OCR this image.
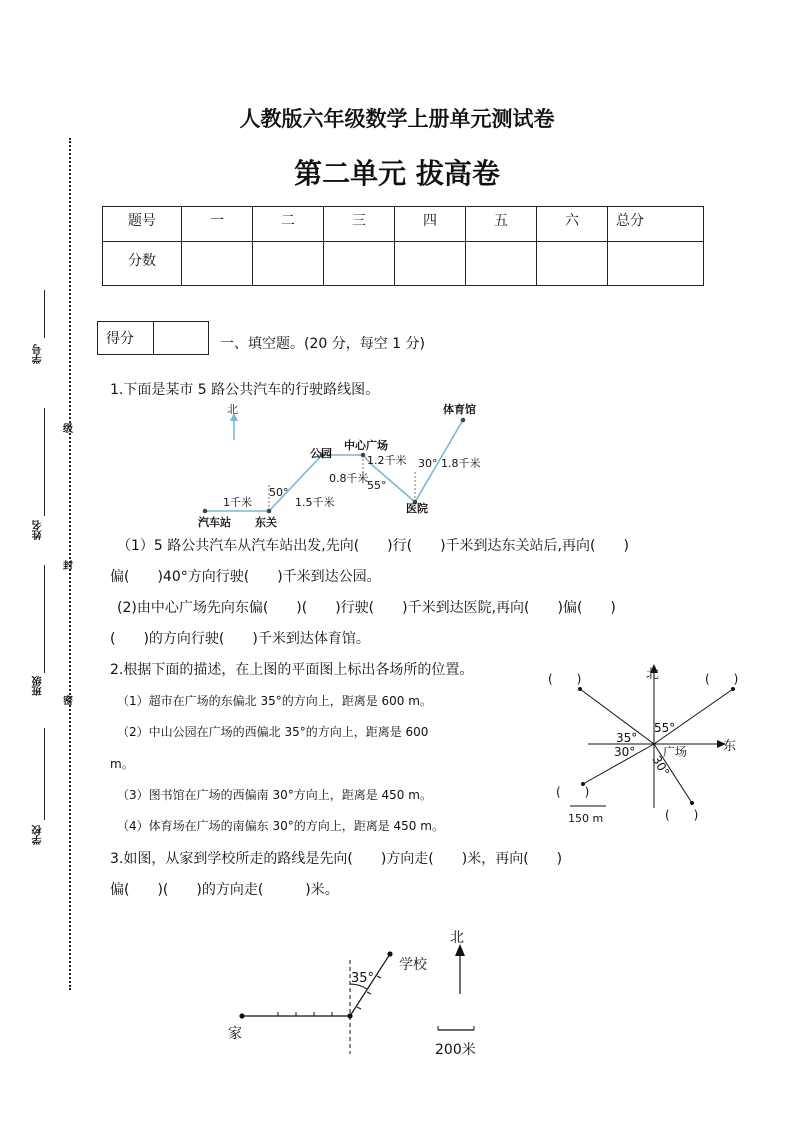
学号
姓名
班级
学校
级
封
密
人教版六年级数学上册单元测试卷
第二单元 拔高卷
题号	一	二	三	四	五	六	总分
分数							
得分		一、填空题。(20 分，每空 1 分)
1.下面是某市 5 路公共汽车的行驶路线图。
北
汽车站 东关
公园
中心广场
医院
体育馆
1千米	1.5千米
0.8千米
1.2千米	1.8千米
50°
55°
30°
（1）5 路公共汽车从汽车站出发,先向(　　)行(　　)千米到达东关站后,再向(　　)
偏(　　)40°方向行驶(　　)千米到达公园。
(2)由中心广场先向东偏(　　)(　　)行驶(　　)千米到达医院,再向(　　)偏(　　)
(　　)的方向行驶(　　)千米到达体育馆。
2.根据下面的描述，在上图的平面图上标出各场所的位置。
（1）超市在广场的东偏北 35°的方向上，距离是 600 m。
（2）中山公园在广场的西偏北 35°的方向上，距离是 600
m。
（3）图书馆在广场的西偏南 30°方向上，距离是 450 m。
（4）体育场在广场的南偏东 30°的方向上，距离是 450 m。
北
东
广场
55°
35°
30°
30°
(　　)	(　　)
(　　)
(　　)
150 m
3.如图，从家到学校所走的路线是先向(　　)方向走(　　)米，再向(　　)
偏(　　)(　　)的方向走(　　　)米。
家
学校
35°
北
200米
